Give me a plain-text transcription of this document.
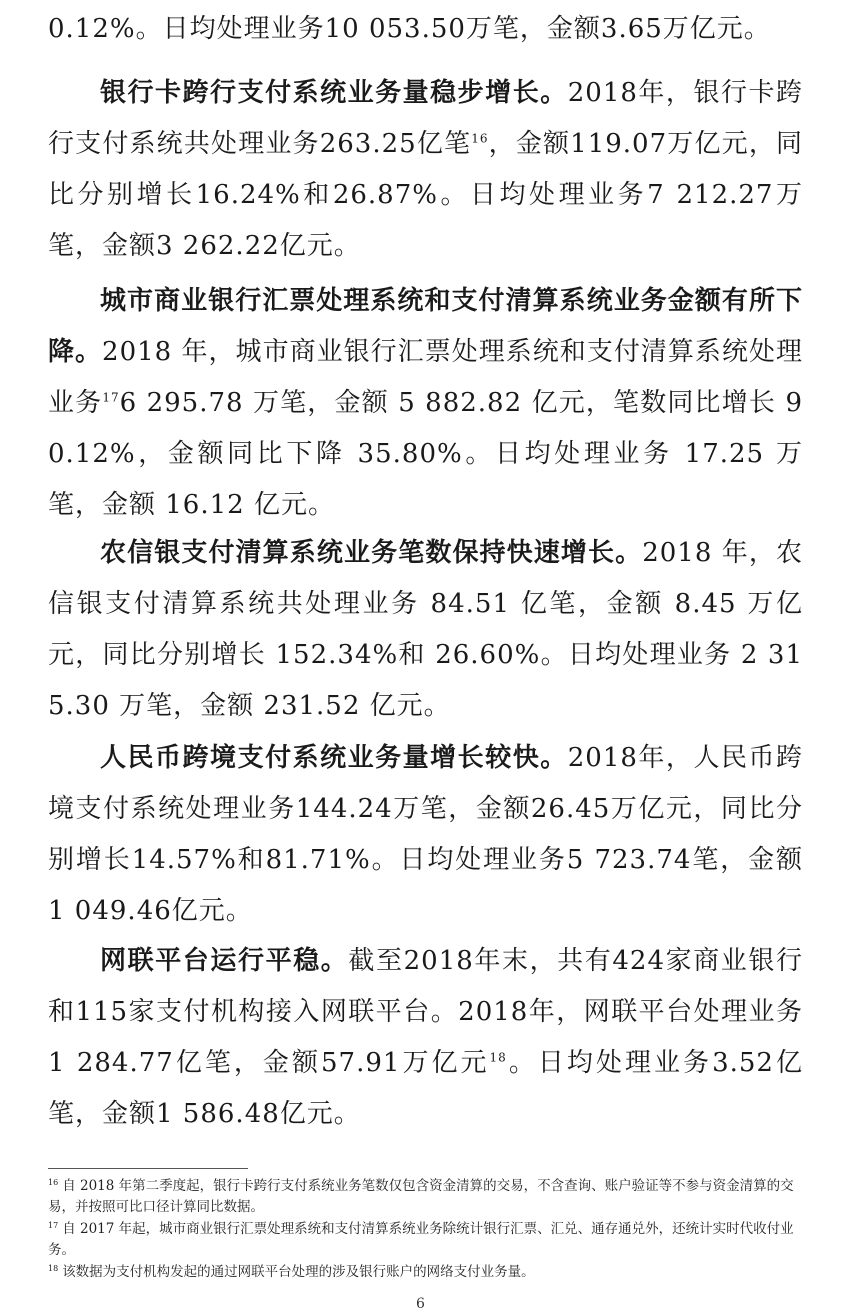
0.12%。日均处理业务10 053.50万笔，金额3.65万亿元。

银行卡跨行支付系统业务量稳步增长。2018年，银行卡跨行支付系统共处理业务263.25亿笔$^{16}$，金额119.07万亿元，同比分别增长16.24%和26.87%。日均处理业务7 212.27万笔，金额3 262.22亿元。

城市商业银行汇票处理系统和支付清算系统业务金额有所下降。2018 年，城市商业银行汇票处理系统和支付清算系统处理业务$^{17}$6 295.78 万笔，金额 5 882.82 亿元，笔数同比增长 90.12%，金额同比下降 35.80%。日均处理业务 17.25 万笔，金额 16.12 亿元。

农信银支付清算系统业务笔数保持快速增长。2018 年，农信银支付清算系统共处理业务 84.51 亿笔，金额 8.45 万亿元，同比分别增长 152.34%和 26.60%。日均处理业务 2 315.30 万笔，金额 231.52 亿元。

人民币跨境支付系统业务量增长较快。2018年，人民币跨境支付系统处理业务144.24万笔，金额26.45万亿元，同比分别增长14.57%和81.71%。日均处理业务5 723.74笔，金额1 049.46亿元。

网联平台运行平稳。截至2018年末，共有424家商业银行和115家支付机构接入网联平台。2018年，网联平台处理业务1 284.77亿笔，金额57.91万亿元$^{18}$。日均处理业务3.52亿笔，金额1 586.48亿元。

$^{16}$ 自 2018 年第二季度起，银行卡跨行支付系统业务笔数仅包含资金清算的交易，不含查询、账户验证等不参与资金清算的交易，并按照可比口径计算同比数据。

$^{17}$ 自 2017 年起，城市商业银行汇票处理系统和支付清算系统业务除统计银行汇票、汇兑、通存通兑外，还统计实时代收付业务。

$^{18}$ 该数据为支付机构发起的通过网联平台处理的涉及银行账户的网络支付业务量。

6
